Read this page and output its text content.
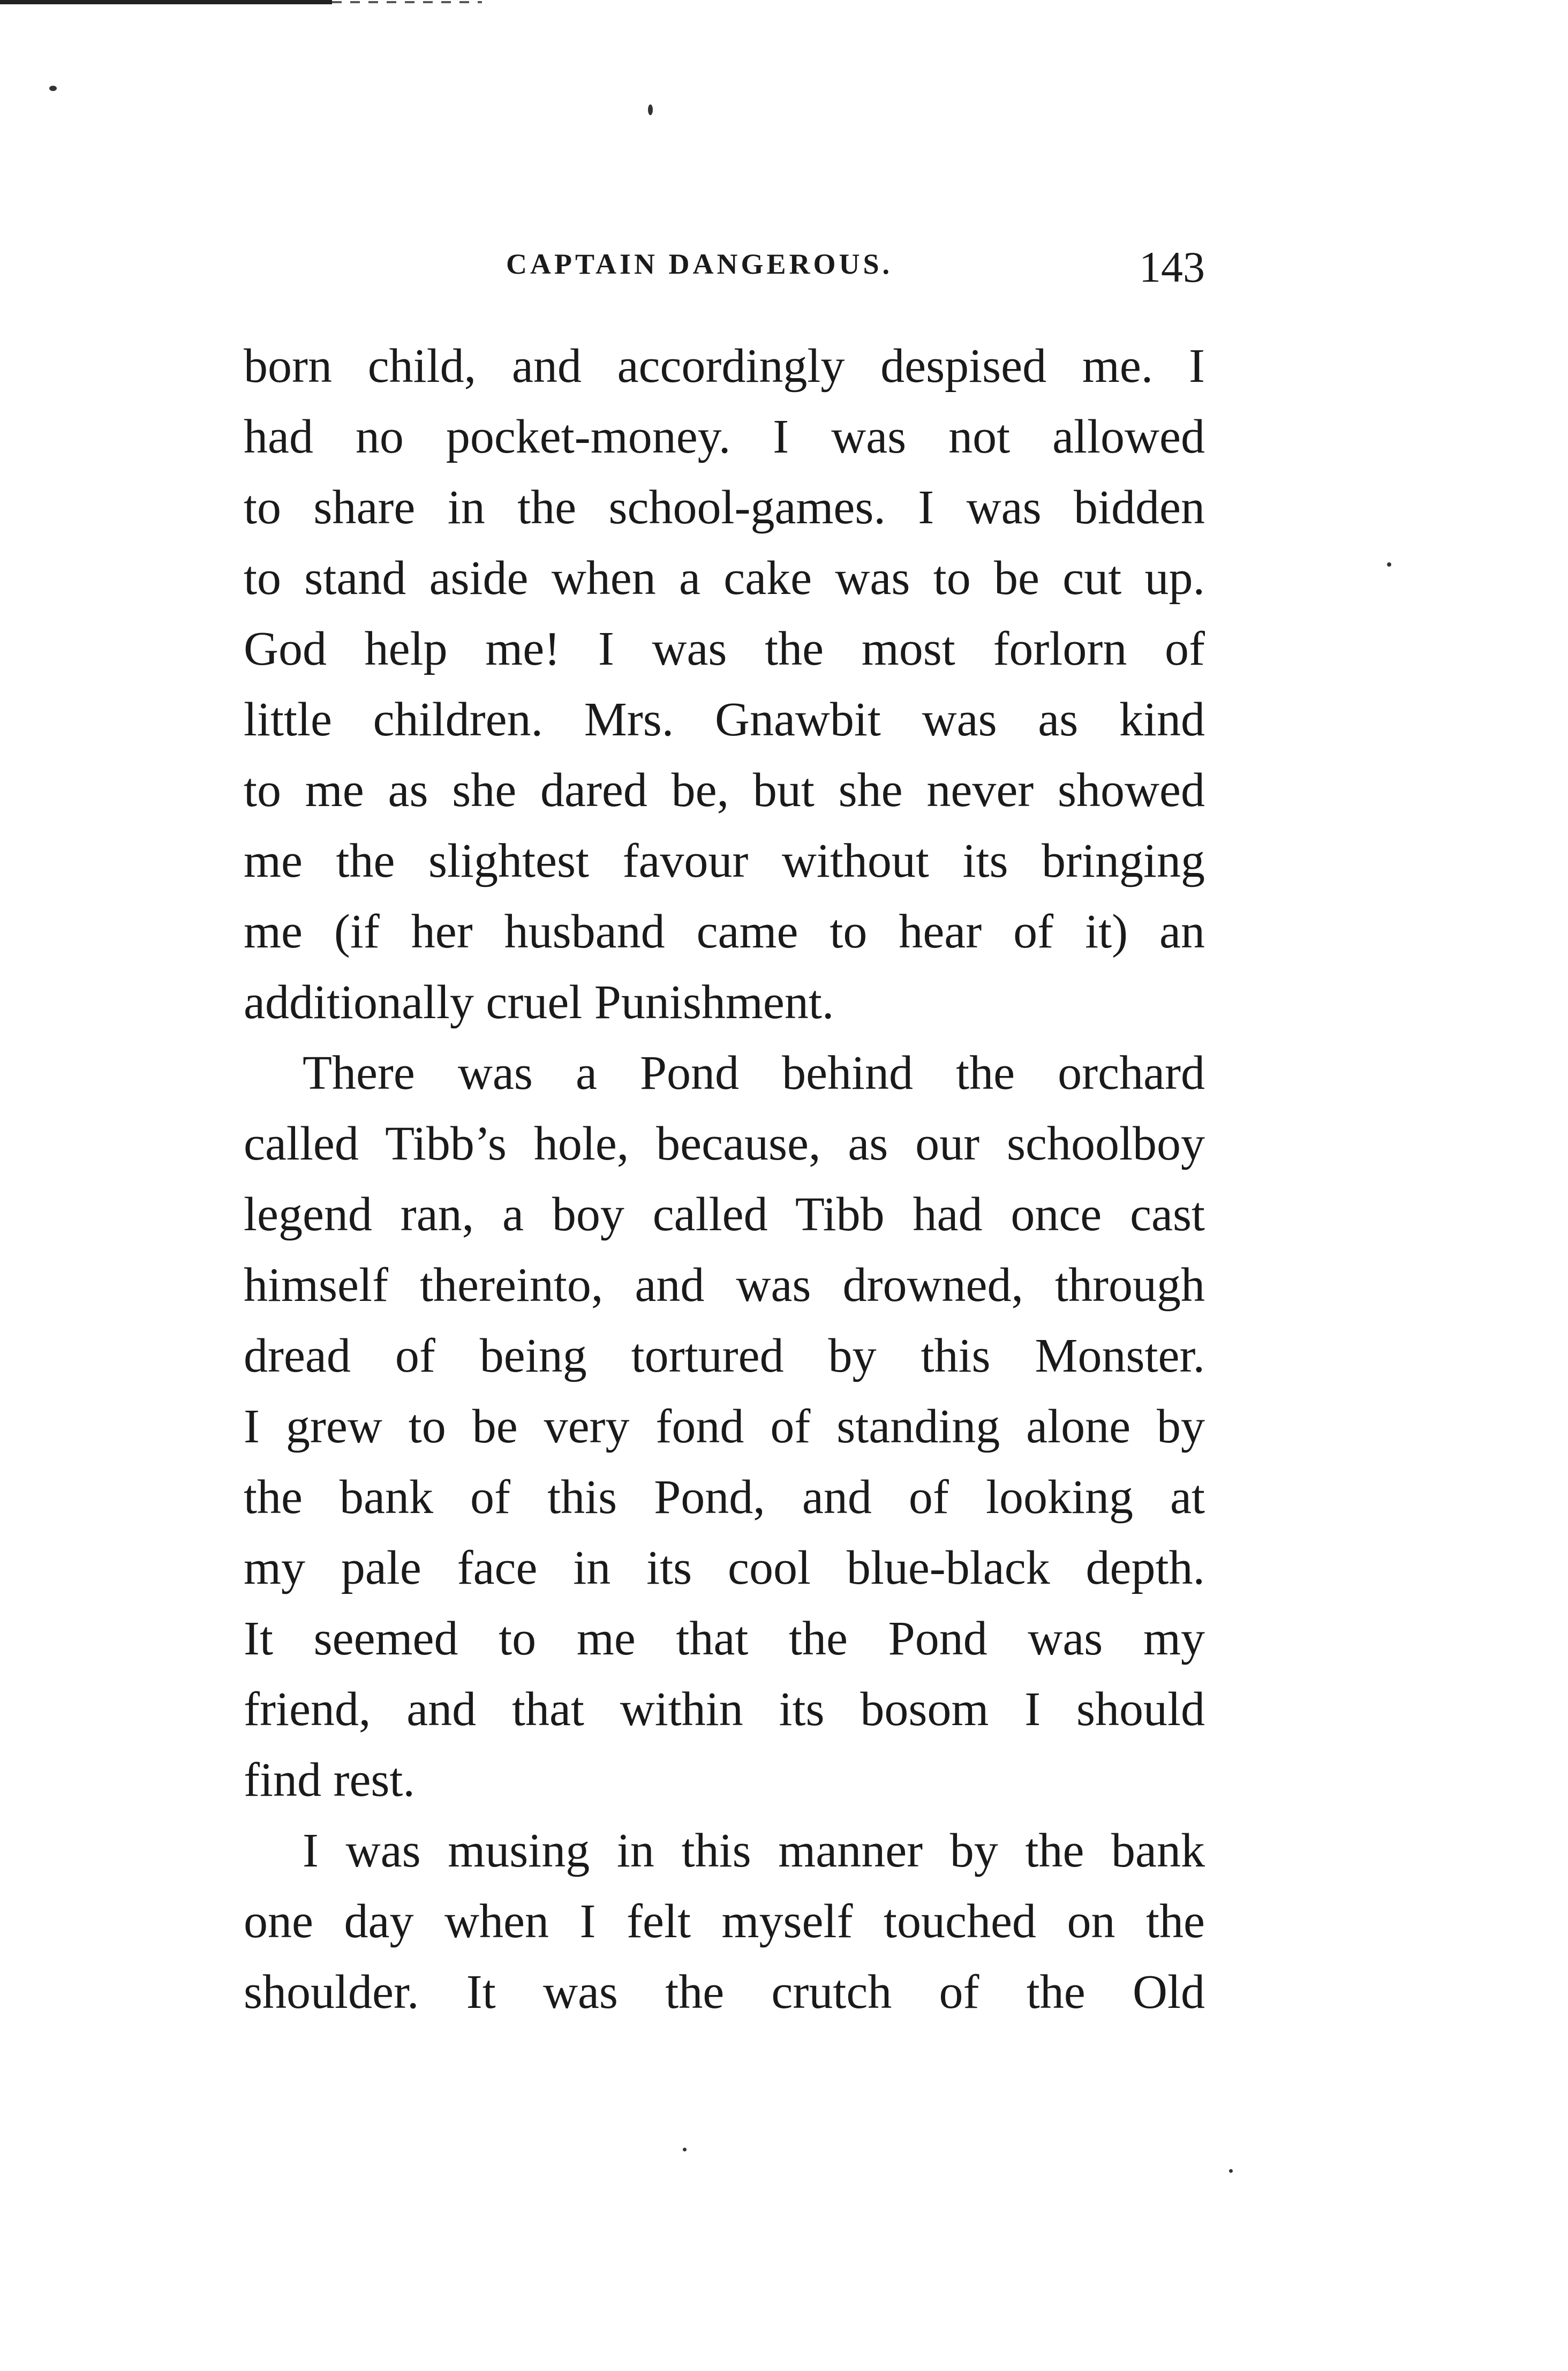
CAPTAIN DANGEROUS.	143
born child, and accordingly despised me. I
had no pocket-money. I was not allowed
to share in the school-games. I was bidden
to stand aside when a cake was to be cut up.
God help me! I was the most forlorn of
little children. Mrs. Gnawbit was as kind
to me as she dared be, but she never showed
me the slightest favour without its bringing
me (if her husband came to hear of it) an
additionally cruel Punishment.
There was a Pond behind the orchard
called Tibb’s hole, because, as our schoolboy
legend ran, a boy called Tibb had once cast
himself thereinto, and was drowned, through
dread of being tortured by this Monster.
I grew to be very fond of standing alone by
the bank of this Pond, and of looking at
my pale face in its cool blue-black depth.
It seemed to me that the Pond was my
friend, and that within its bosom I should
find rest.
I was musing in this manner by the bank
one day when I felt myself touched on the
shoulder. It was the crutch of the Old
